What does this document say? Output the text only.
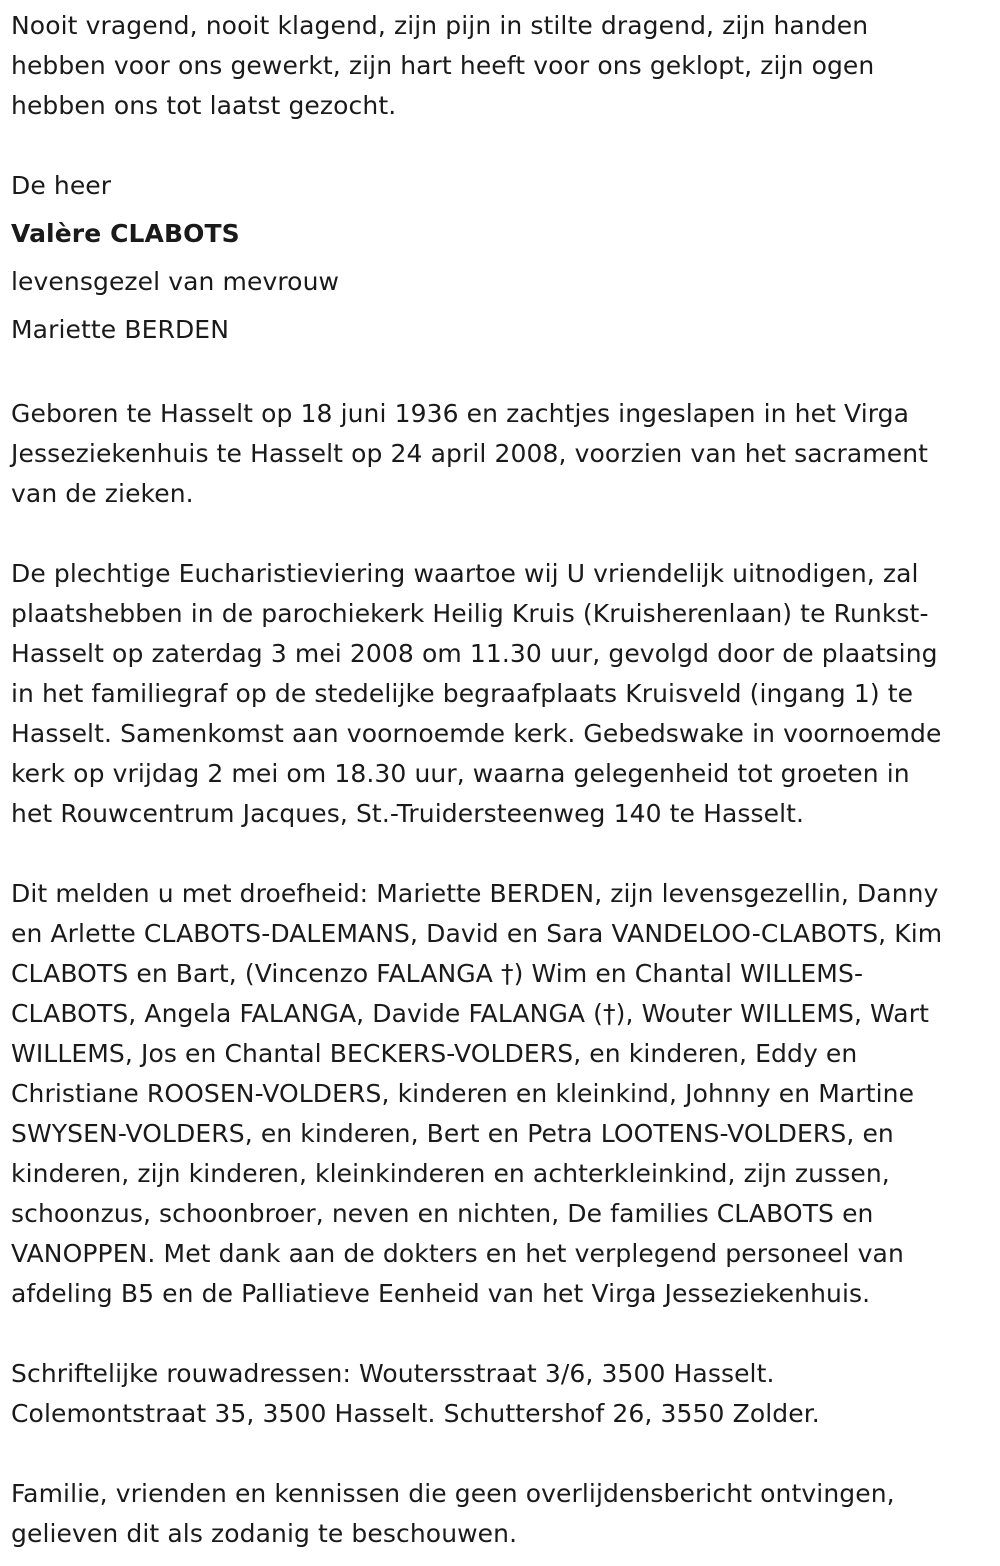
Nooit vragend, nooit klagend, zijn pijn in stilte dragend, zijn handen
hebben voor ons gewerkt, zijn hart heeft voor ons geklopt, zijn ogen
hebben ons tot laatst gezocht.
De heer
Valère CLABOTS
levensgezel van mevrouw
Mariette BERDEN
Geboren te Hasselt op 18 juni 1936 en zachtjes ingeslapen in het Virga
Jesseziekenhuis te Hasselt op 24 april 2008, voorzien van het sacrament
van de zieken.
De plechtige Eucharistieviering waartoe wij U vriendelijk uitnodigen, zal
plaatshebben in de parochiekerk Heilig Kruis (Kruisherenlaan) te Runkst-
Hasselt op zaterdag 3 mei 2008 om 11.30 uur, gevolgd door de plaatsing
in het familiegraf op de stedelijke begraafplaats Kruisveld (ingang 1) te
Hasselt. Samenkomst aan voornoemde kerk. Gebedswake in voornoemde
kerk op vrijdag 2 mei om 18.30 uur, waarna gelegenheid tot groeten in
het Rouwcentrum Jacques, St.-Truidersteenweg 140 te Hasselt.
Dit melden u met droefheid: Mariette BERDEN, zijn levensgezellin, Danny
en Arlette CLABOTS-DALEMANS, David en Sara VANDELOO-CLABOTS, Kim
CLABOTS en Bart, (Vincenzo FALANGA †) Wim en Chantal WILLEMS-
CLABOTS, Angela FALANGA, Davide FALANGA (†), Wouter WILLEMS, Wart
WILLEMS, Jos en Chantal BECKERS-VOLDERS, en kinderen, Eddy en
Christiane ROOSEN-VOLDERS, kinderen en kleinkind, Johnny en Martine
SWYSEN-VOLDERS, en kinderen, Bert en Petra LOOTENS-VOLDERS, en
kinderen, zijn kinderen, kleinkinderen en achterkleinkind, zijn zussen,
schoonzus, schoonbroer, neven en nichten, De families CLABOTS en
VANOPPEN. Met dank aan de dokters en het verplegend personeel van
afdeling B5 en de Palliatieve Eenheid van het Virga Jesseziekenhuis.
Schriftelijke rouwadressen: Woutersstraat 3/6, 3500 Hasselt.
Colemontstraat 35, 3500 Hasselt. Schuttershof 26, 3550 Zolder.
Familie, vrienden en kennissen die geen overlijdensbericht ontvingen,
gelieven dit als zodanig te beschouwen.
